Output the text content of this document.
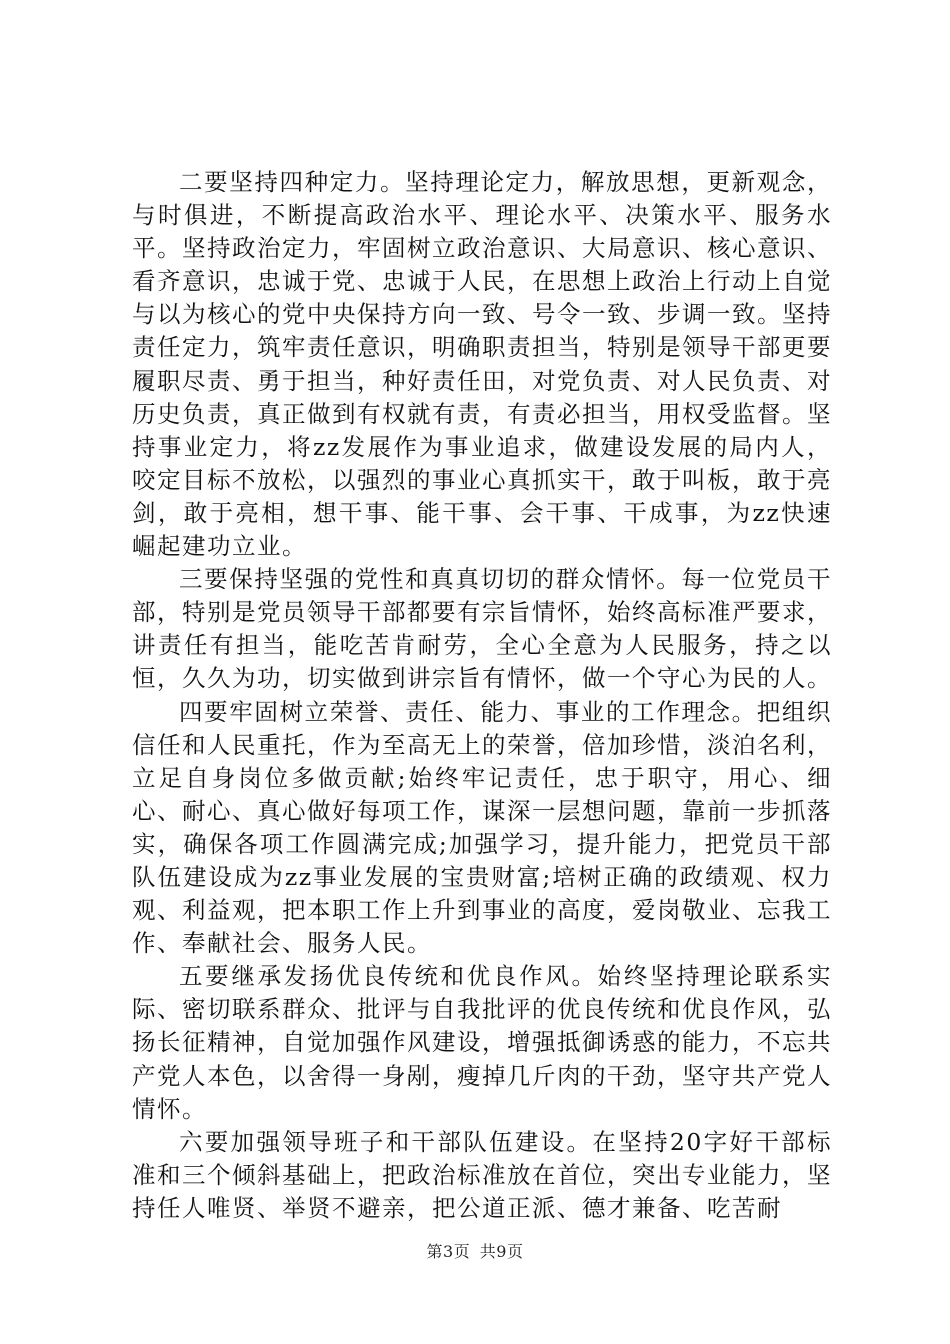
二要坚持四种定力。坚持理论定力，解放思想，更新观念，与时俱进，不断提高政治水平、理论水平、决策水平、服务水平。坚持政治定力，牢固树立政治意识、大局意识、核心意识、看齐意识，忠诚于党、忠诚于人民，在思想上政治上行动上自觉与以为核心的党中央保持方向一致、号令一致、步调一致。坚持责任定力，筑牢责任意识，明确职责担当，特别是领导干部更要履职尽责、勇于担当，种好责任田，对党负责、对人民负责、对历史负责，真正做到有权就有责，有责必担当，用权受监督。坚持事业定力，将zz发展作为事业追求，做建设发展的局内人，咬定目标不放松，以强烈的事业心真抓实干，敢于叫板，敢于亮剑，敢于亮相，想干事、能干事、会干事、干成事，为zz快速崛起建功立业。

三要保持坚强的党性和真真切切的群众情怀。每一位党员干部，特别是党员领导干部都要有宗旨情怀，始终高标准严要求，讲责任有担当，能吃苦肯耐劳，全心全意为人民服务，持之以恒，久久为功，切实做到讲宗旨有情怀，做一个守心为民的人。

四要牢固树立荣誉、责任、能力、事业的工作理念。把组织信任和人民重托，作为至高无上的荣誉，倍加珍惜，淡泊名利，立足自身岗位多做贡献;始终牢记责任，忠于职守，用心、细心、耐心、真心做好每项工作，谋深一层想问题，靠前一步抓落实，确保各项工作圆满完成;加强学习，提升能力，把党员干部队伍建设成为zz事业发展的宝贵财富;培树正确的政绩观、权力观、利益观，把本职工作上升到事业的高度，爱岗敬业、忘我工作、奉献社会、服务人民。

五要继承发扬优良传统和优良作风。始终坚持理论联系实际、密切联系群众、批评与自我批评的优良传统和优良作风，弘扬长征精神，自觉加强作风建设，增强抵御诱惑的能力，不忘共产党人本色，以舍得一身剐，瘦掉几斤肉的干劲，坚守共产党人情怀。

六要加强领导班子和干部队伍建设。在坚持20字好干部标准和三个倾斜基础上，把政治标准放在首位，突出专业能力，坚持任人唯贤、举贤不避亲，把公道正派、德才兼备、吃苦耐

第3页 共9页
